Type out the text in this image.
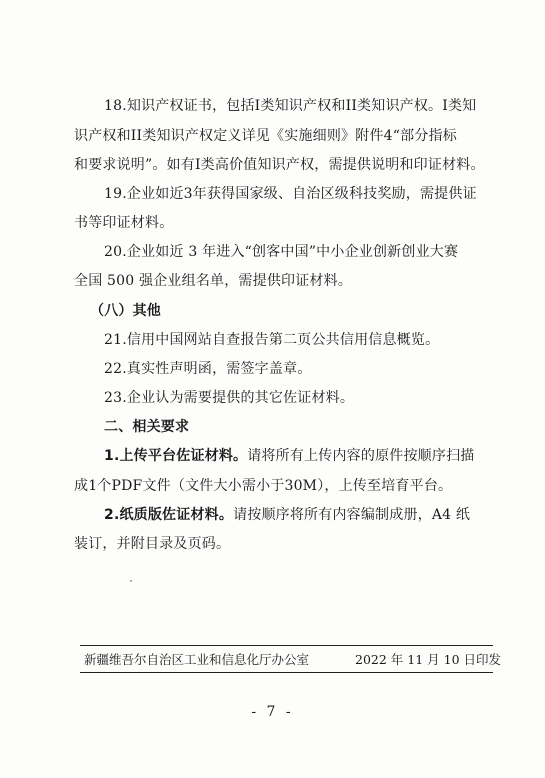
18.知识产权证书，包括I类知识产权和II类知识产权。I类知
识产权和II类知识产权定义详见《实施细则》附件4“部分指标
和要求说明”。如有I类高价值知识产权，需提供说明和印证材料。
19.企业如近3年获得国家级、自治区级科技奖励，需提供证
书等印证材料。
20.企业如近 3 年进入“创客中国”中小企业创新创业大赛
全国 500 强企业组名单，需提供印证材料。
（八）其他
21.信用中国网站自查报告第二页公共信用信息概览。
22.真实性声明函，需签字盖章。
23.企业认为需要提供的其它佐证材料。
二、相关要求
1.上传平台佐证材料。请将所有上传内容的原件按顺序扫描
成1个PDF文件（文件大小需小于30M），上传至培育平台。
2.纸质版佐证材料。请按顺序将所有内容编制成册，A4 纸
装订，并附目录及页码。
新疆维吾尔自治区工业和信息化厅办公室	2022 年 11 月 10 日印发
- 7 -
